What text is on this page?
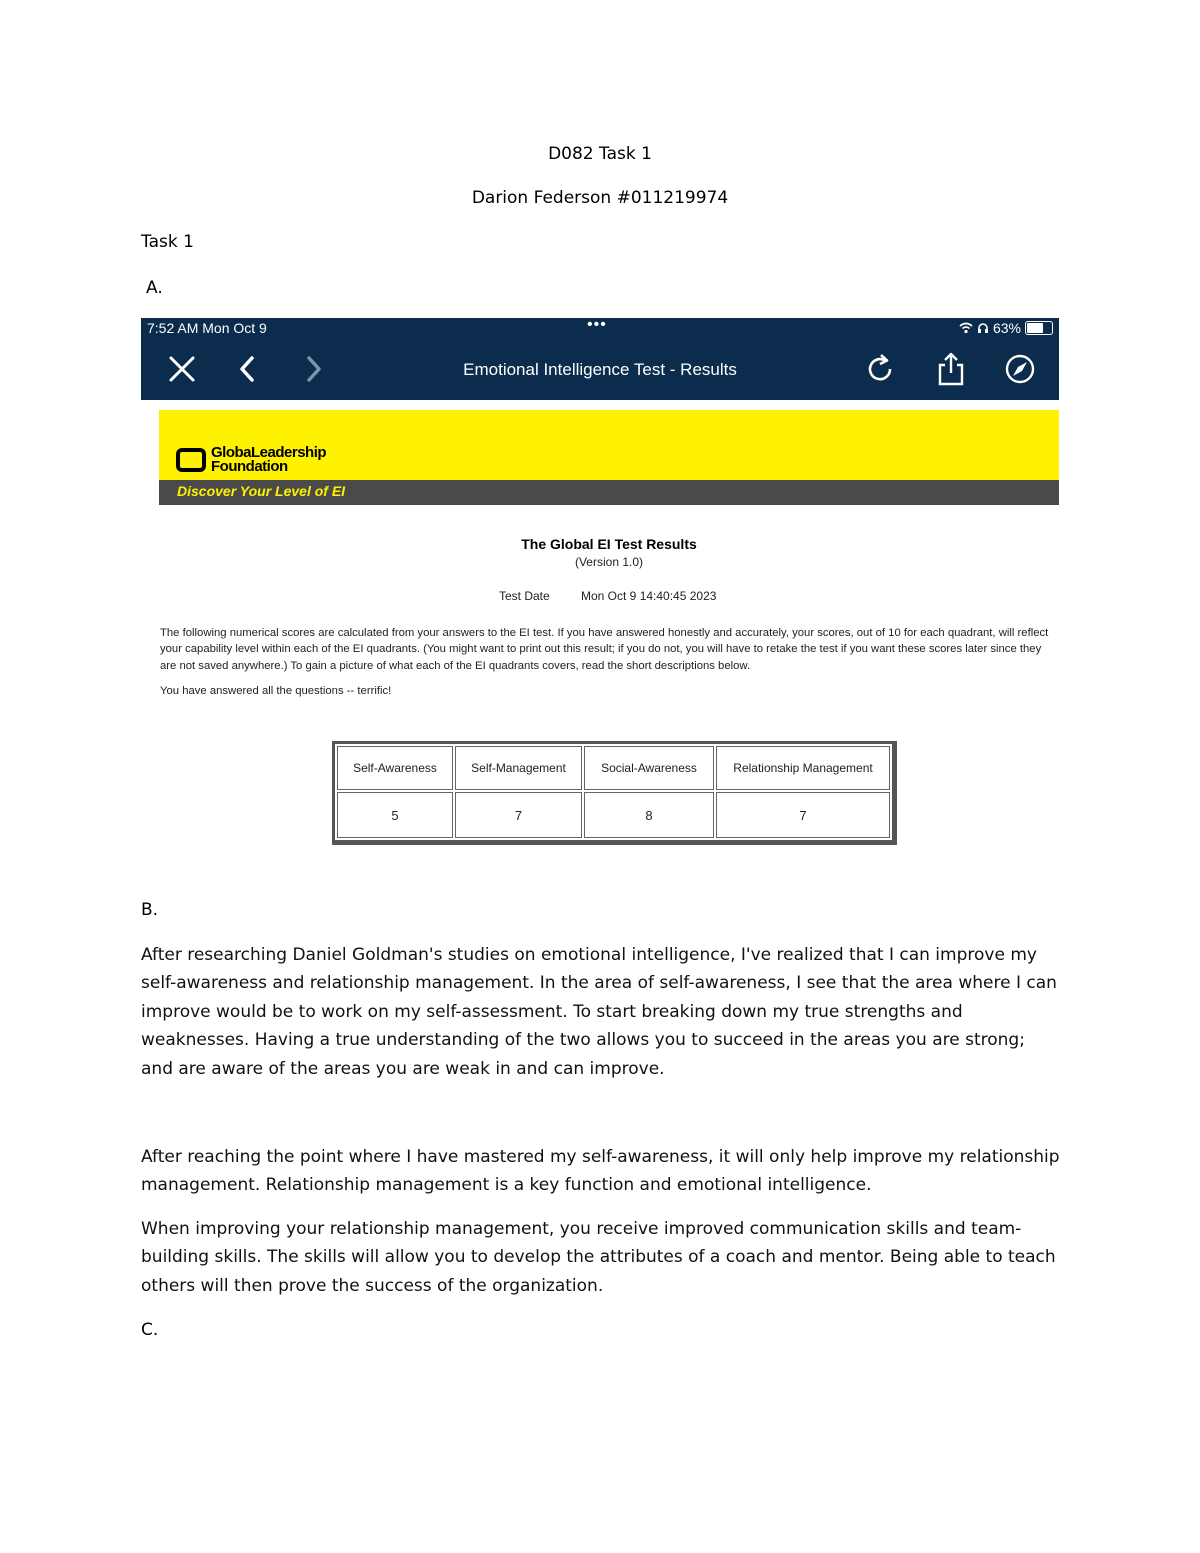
D082 Task 1
Darion Federson #011219974
Task 1
A.
7:52 AM Mon Oct 9	•••	63%
Emotional Intelligence Test - Results
GlobaLeadership
Foundation
Discover Your Level of EI
The Global EI Test Results
(Version 1.0)
Test Date	Mon Oct 9 14:40:45 2023
The following numerical scores are calculated from your answers to the EI test. If you have answered honestly and accurately, your scores, out of 10 for each quadrant, will reflect your capability level within each of the EI quadrants. (You might want to print out this result; if you do not, you will have to retake the test if you want these scores later since they are not saved anywhere.) To gain a picture of what each of the EI quadrants covers, read the short descriptions below.
You have answered all the questions -- terrific!
Self-Awareness	Self-Management	Social-Awareness	Relationship Management
5	7	8	7
B.
After researching Daniel Goldman's studies on emotional intelligence, I've realized that I can improve my self-awareness and relationship management. In the area of self-awareness, I see that the area where I can improve would be to work on my self-assessment. To start breaking down my true strengths and weaknesses. Having a true understanding of the two allows you to succeed in the areas you are strong; and are aware of the areas you are weak in and can improve.
After reaching the point where I have mastered my self-awareness, it will only help improve my relationship management. Relationship management is a key function and emotional intelligence.
When improving your relationship management, you receive improved communication skills and team-building skills. The skills will allow you to develop the attributes of a coach and mentor. Being able to teach others will then prove the success of the organization.
C.
